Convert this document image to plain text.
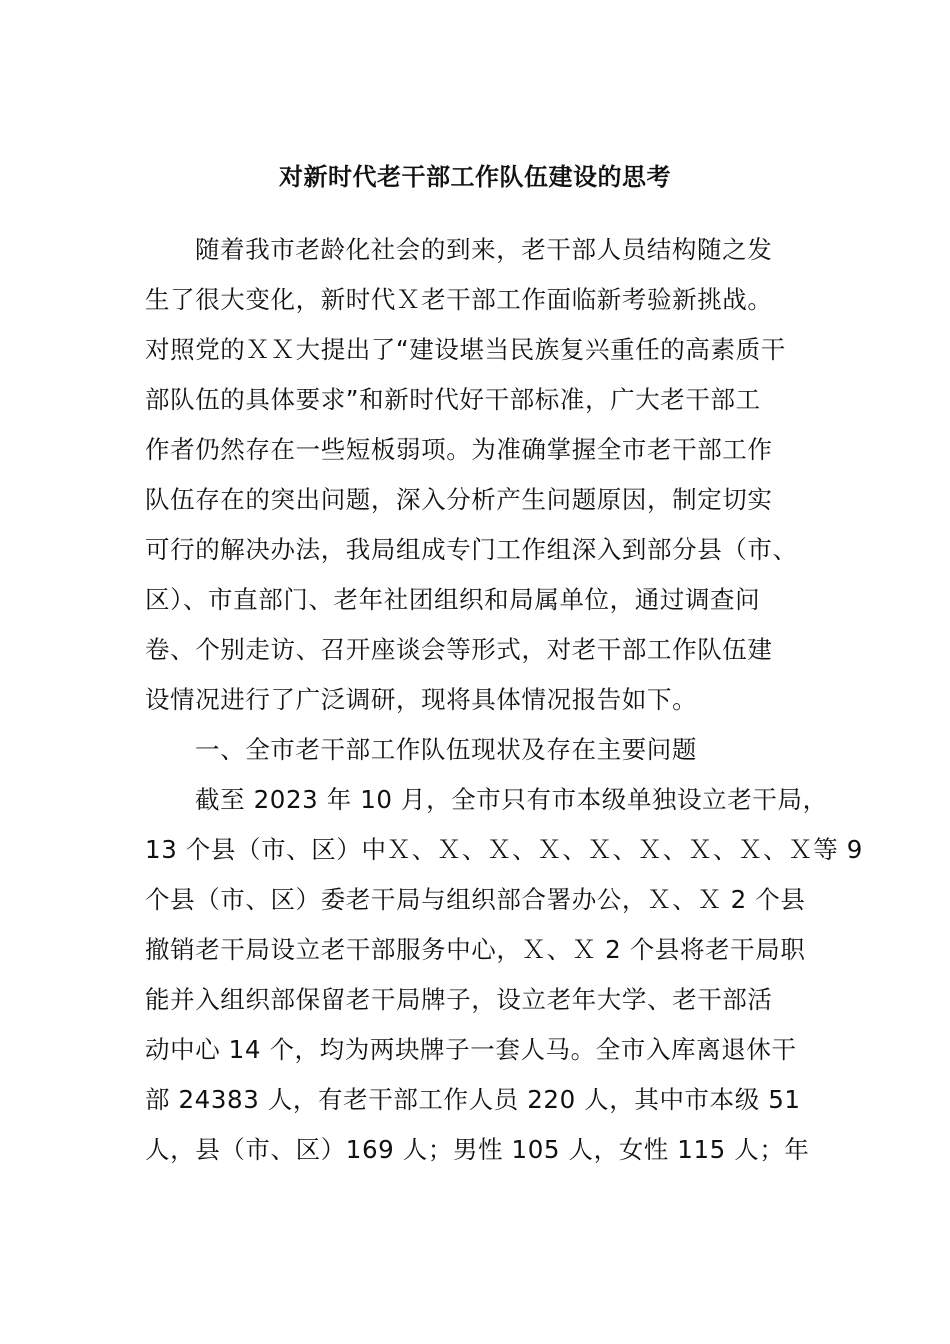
对新时代老干部工作队伍建设的思考
随着我市老龄化社会的到来，老干部人员结构随之发
生了很大变化，新时代Ｘ老干部工作面临新考验新挑战。
对照党的ＸＸ大提出了“建设堪当民族复兴重任的高素质干
部队伍的具体要求”和新时代好干部标准，广大老干部工
作者仍然存在一些短板弱项。为准确掌握全市老干部工作
队伍存在的突出问题，深入分析产生问题原因，制定切实
可行的解决办法，我局组成专门工作组深入到部分县（市、
区）、市直部门、老年社团组织和局属单位，通过调查问
卷、个别走访、召开座谈会等形式，对老干部工作队伍建
设情况进行了广泛调研，现将具体情况报告如下。
一、全市老干部工作队伍现状及存在主要问题
截至 2023 年 10 月，全市只有市本级单独设立老干局，
13 个县（市、区）中Ｘ、Ｘ、Ｘ、Ｘ、Ｘ、Ｘ、Ｘ、Ｘ、Ｘ等 9
个县（市、区）委老干局与组织部合署办公，Ｘ、Ｘ 2 个县
撤销老干局设立老干部服务中心，Ｘ、Ｘ 2 个县将老干局职
能并入组织部保留老干局牌子，设立老年大学、老干部活
动中心 14 个，均为两块牌子一套人马。全市入库离退休干
部 24383 人，有老干部工作人员 220 人，其中市本级 51
人，县（市、区）169 人；男性 105 人，女性 115 人；年
